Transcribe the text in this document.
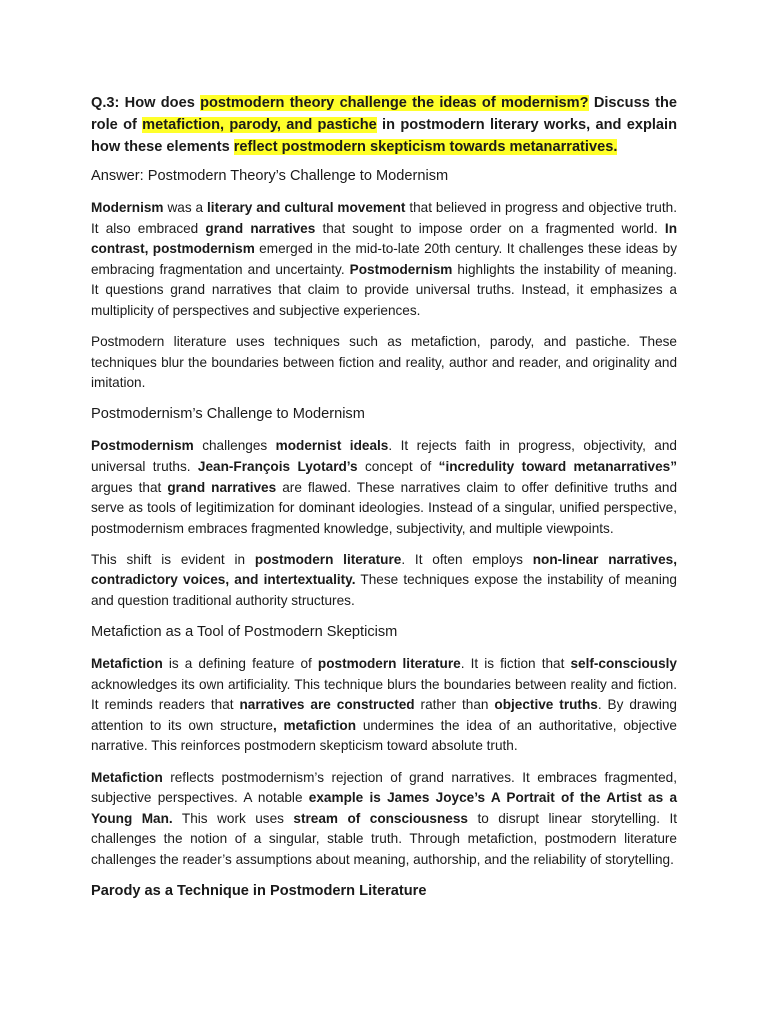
Q.3: How does postmodern theory challenge the ideas of modernism? Discuss the role of metafiction, parody, and pastiche in postmodern literary works, and explain how these elements reflect postmodern skepticism towards metanarratives.

Answer: Postmodern Theory’s Challenge to Modernism

Modernism was a literary and cultural movement that believed in progress and objective truth. It also embraced grand narratives that sought to impose order on a fragmented world. In contrast, postmodernism emerged in the mid-to-late 20th century. It challenges these ideas by embracing fragmentation and uncertainty. Postmodernism highlights the instability of meaning. It questions grand narratives that claim to provide universal truths. Instead, it emphasizes a multiplicity of perspectives and subjective experiences.

Postmodern literature uses techniques such as metafiction, parody, and pastiche. These techniques blur the boundaries between fiction and reality, author and reader, and originality and imitation.

Postmodernism’s Challenge to Modernism

Postmodernism challenges modernist ideals. It rejects faith in progress, objectivity, and universal truths. Jean-François Lyotard’s concept of “incredulity toward metanarratives” argues that grand narratives are flawed. These narratives claim to offer definitive truths and serve as tools of legitimization for dominant ideologies. Instead of a singular, unified perspective, postmodernism embraces fragmented knowledge, subjectivity, and multiple viewpoints.

This shift is evident in postmodern literature. It often employs non-linear narratives, contradictory voices, and intertextuality. These techniques expose the instability of meaning and question traditional authority structures.

Metafiction as a Tool of Postmodern Skepticism

Metafiction is a defining feature of postmodern literature. It is fiction that self-consciously acknowledges its own artificiality. This technique blurs the boundaries between reality and fiction. It reminds readers that narratives are constructed rather than objective truths. By drawing attention to its own structure, metafiction undermines the idea of an authoritative, objective narrative. This reinforces postmodern skepticism toward absolute truth.

Metafiction reflects postmodernism’s rejection of grand narratives. It embraces fragmented, subjective perspectives. A notable example is James Joyce’s A Portrait of the Artist as a Young Man. This work uses stream of consciousness to disrupt linear storytelling. It challenges the notion of a singular, stable truth. Through metafiction, postmodern literature challenges the reader’s assumptions about meaning, authorship, and the reliability of storytelling.

Parody as a Technique in Postmodern Literature
